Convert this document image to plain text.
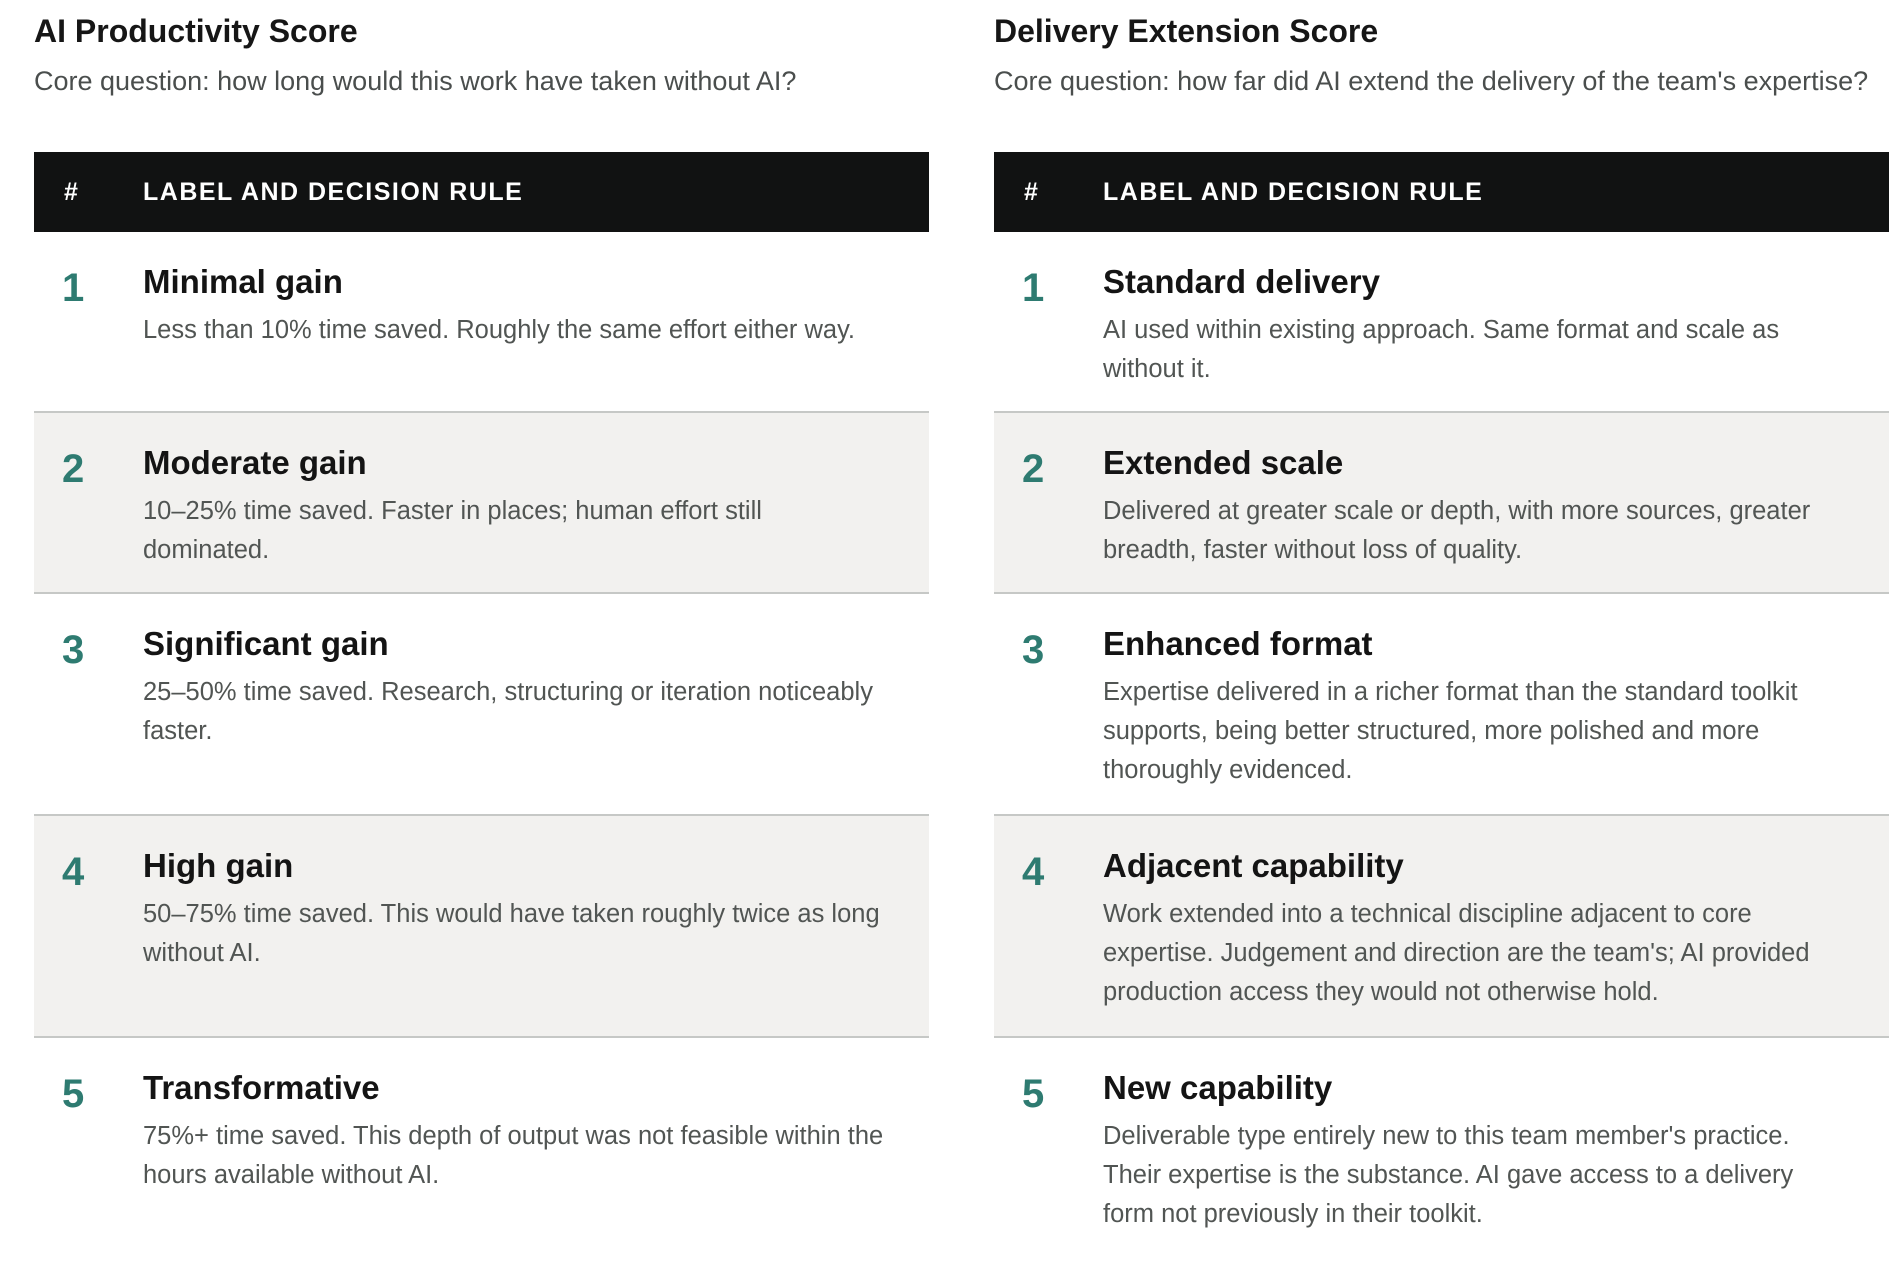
AI Productivity Score

Core question: how long would this work have taken without AI?

#	LABEL AND DECISION RULE
1	Minimal gain

Less than 10% time saved. Roughly the same effort either way.

2	Moderate gain

10–25% time saved. Faster in places; human effort still dominated.

3	Significant gain

25–50% time saved. Research, structuring or iteration noticeably faster.

4	High gain

50–75% time saved. This would have taken roughly twice as long without AI.

5	Transformative

75%+ time saved. This depth of output was not feasible within the hours available without AI.

Delivery Extension Score

Core question: how far did AI extend the delivery of the team's expertise?

#	LABEL AND DECISION RULE
1	Standard delivery

AI used within existing approach. Same format and scale as without it.

2	Extended scale

Delivered at greater scale or depth, with more sources, greater breadth, faster without loss of quality.

3	Enhanced format

Expertise delivered in a richer format than the standard toolkit supports, being better structured, more polished and more thoroughly evidenced.

4	Adjacent capability

Work extended into a technical discipline adjacent to core expertise. Judgement and direction are the team's; AI provided production access they would not otherwise hold.

5	New capability

Deliverable type entirely new to this team member's practice. Their expertise is the substance. AI gave access to a delivery form not previously in their toolkit.
